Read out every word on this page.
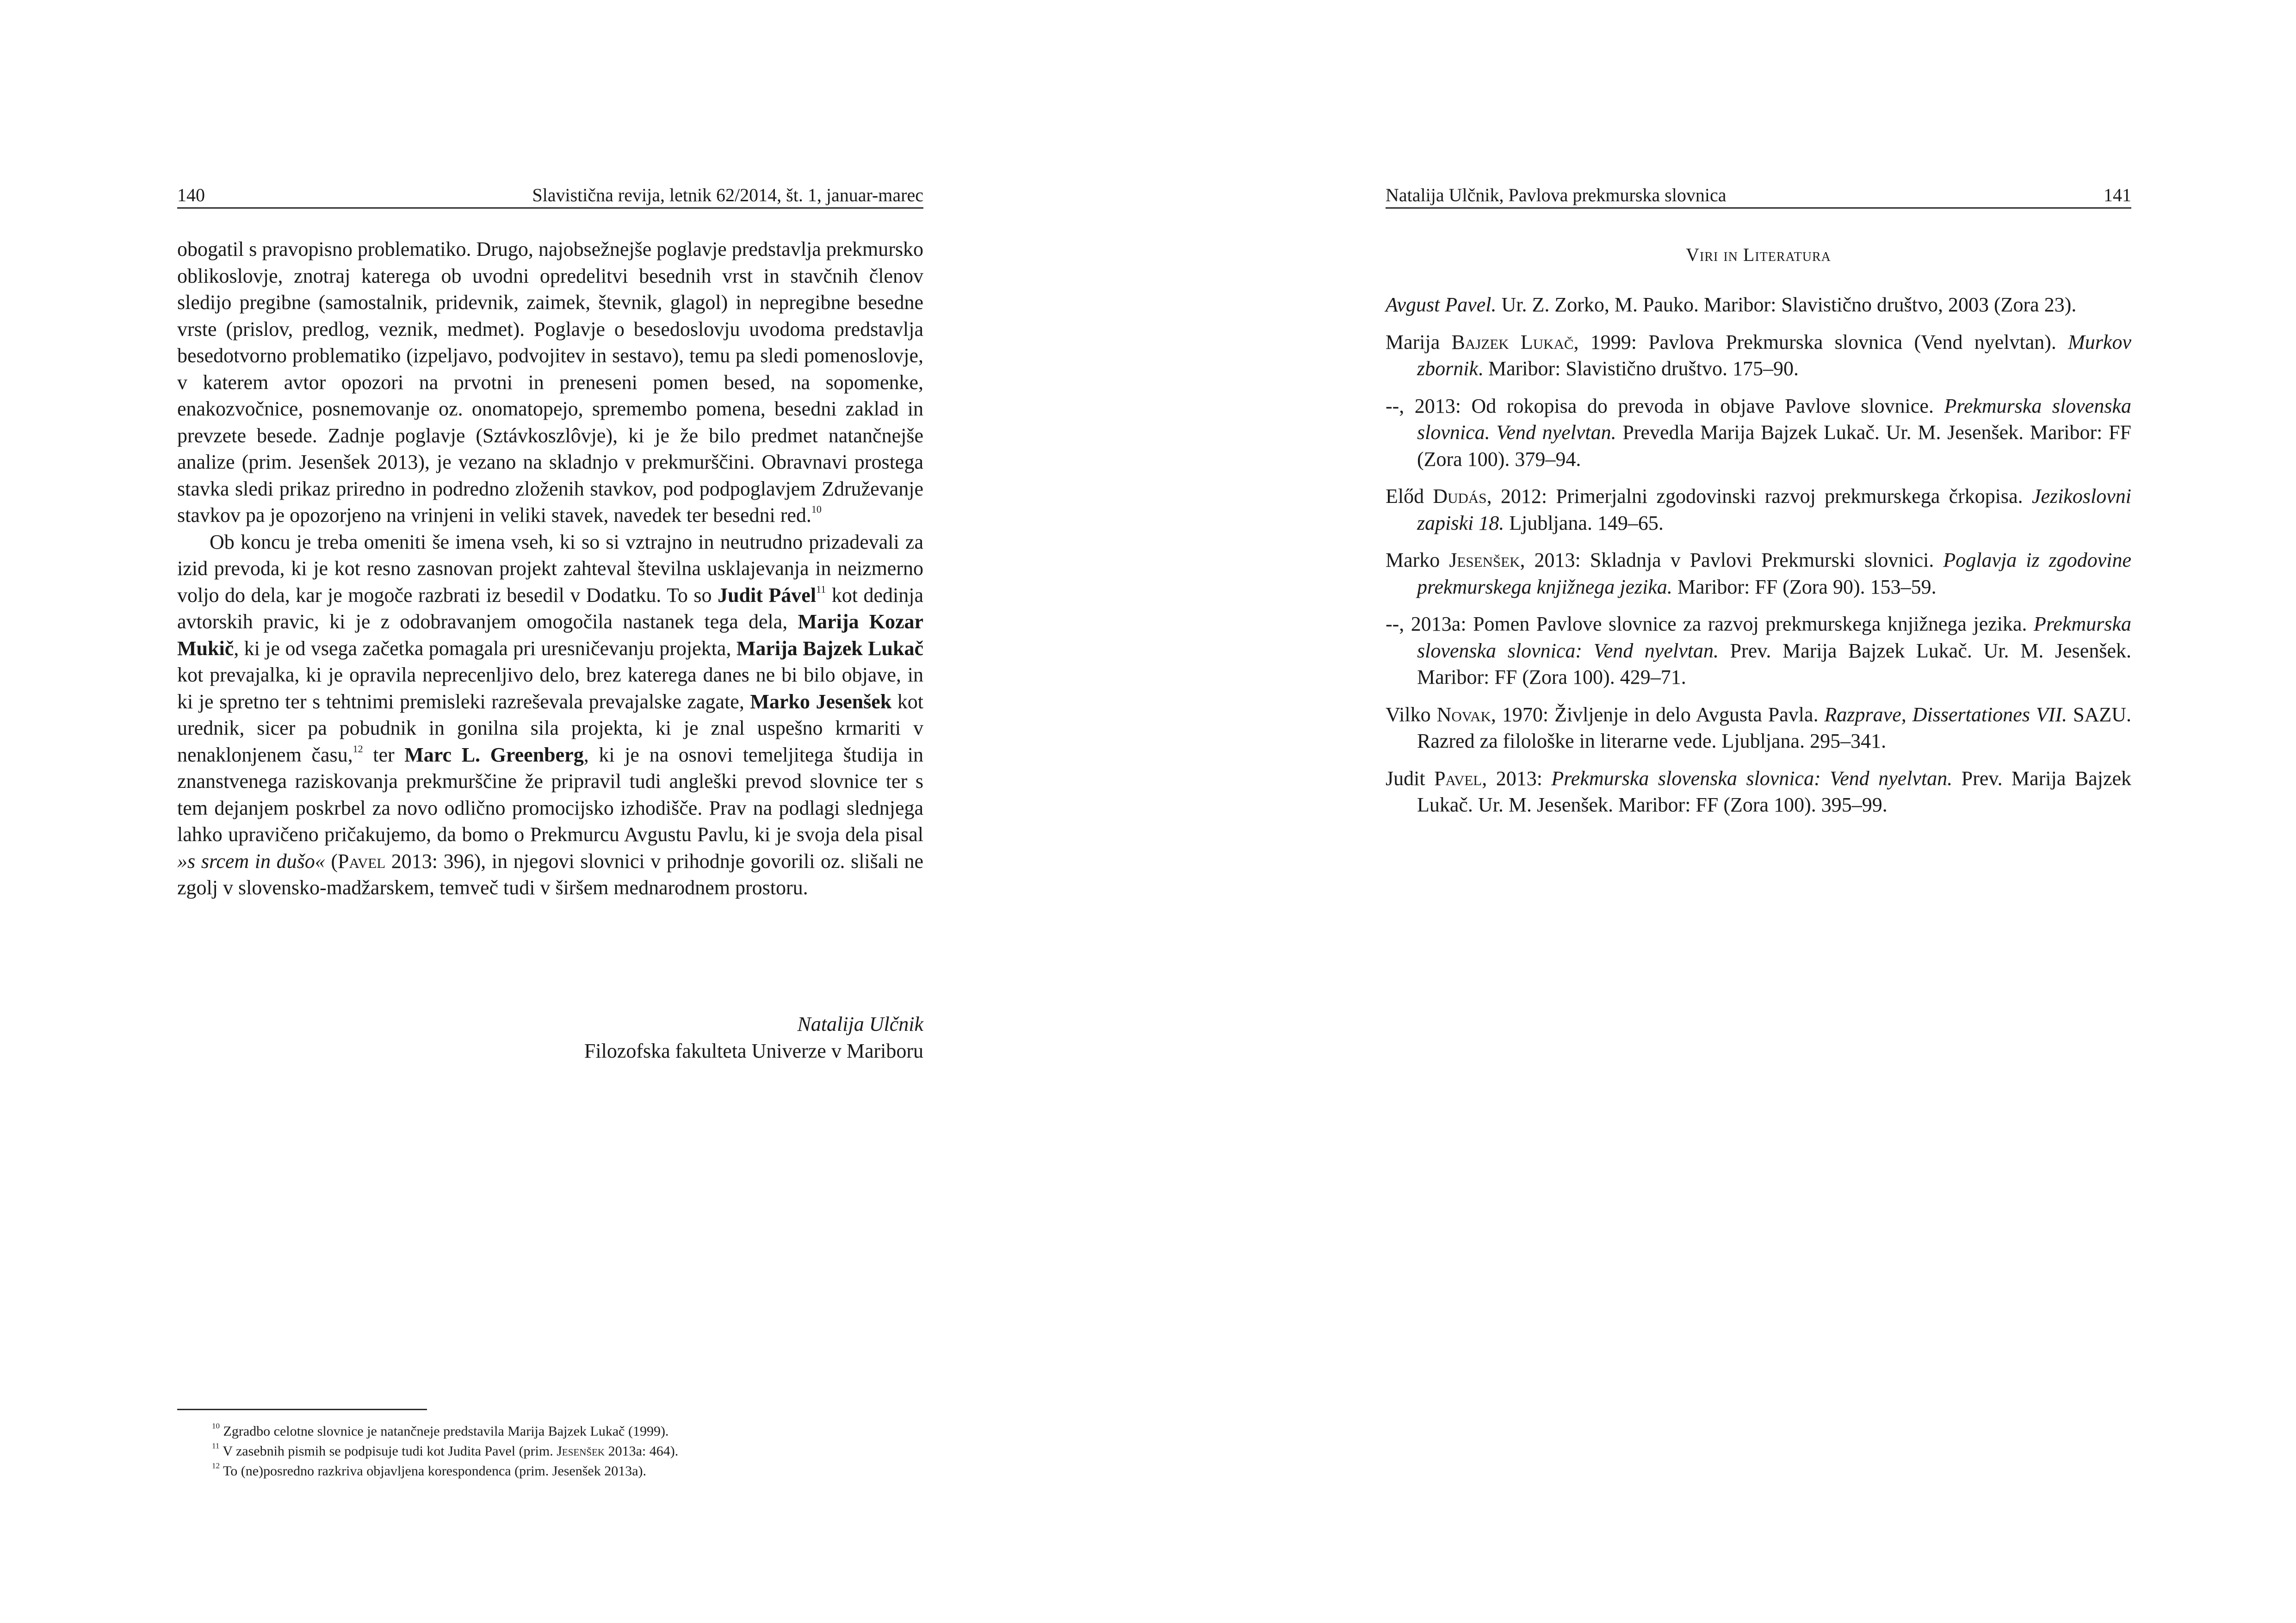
140	Slavistična revija, letnik 62/2014, št. 1, januar-marec

obogatil s pravopisno problematiko. Drugo, najobsežnejše poglavje predstavlja prekmursko oblikoslovje, znotraj katerega ob uvodni opredelitvi besednih vrst in stavčnih členov sledijo pregibne (samostalnik, pridevnik, zaimek, števnik, glagol) in nepregibne besedne vrste (prislov, predlog, veznik, medmet). Poglavje o besedoslovju uvodoma predstavlja besedotvorno problematiko (izpeljavo, podvojitev in sestavo), temu pa sledi pomenoslovje, v katerem avtor opozori na prvotni in preneseni pomen besed, na sopomenke, enakozvočnice, posnemovanje oz. onomatopejo, spremembo pomena, besedni zaklad in prevzete besede. Zadnje poglavje (Sztávkoszlôvje), ki je že bilo predmet natančnejše analize (prim. Jesenšek 2013), je vezano na skladnjo v prekmurščini. Obravnavi prostega stavka sledi prikaz priredno in podredno zloženih stavkov, pod podpoglavjem Združevanje stavkov pa je opozorjeno na vrinjeni in veliki stavek, navedek ter besedni red.$^{10}$

Ob koncu je treba omeniti še imena vseh, ki so si vztrajno in neutrudno prizadevali za izid prevoda, ki je kot resno zasnovan projekt zahteval številna usklajevanja in neizmerno voljo do dela, kar je mogoče razbrati iz besedil v Dodatku. To so Judit Pável$^{11}$ kot dedinja avtorskih pravic, ki je z odobravanjem omogočila nastanek tega dela, Marija Kozar Mukič, ki je od vsega začetka pomagala pri uresničevanju projekta, Marija Bajzek Lukač kot prevajalka, ki je opravila neprecenljivo delo, brez katerega danes ne bi bilo objave, in ki je spretno ter s tehtnimi premisleki razreševala prevajalske zagate, Marko Jesenšek kot urednik, sicer pa pobudnik in gonilna sila projekta, ki je znal uspešno krmariti v nenaklonjenem času,$^{12}$ ter Marc L. Greenberg, ki je na osnovi temeljitega študija in znanstvenega raziskovanja prekmurščine že pripravil tudi angleški prevod slovnice ter s tem dejanjem poskrbel za novo odlično promocijsko izhodišče. Prav na podlagi slednjega lahko upravičeno pričakujemo, da bomo o Prekmurcu Avgustu Pavlu, ki je svoja dela pisal »s srcem in dušo« (Pavel 2013: 396), in njegovi slovnici v prihodnje govorili oz. slišali ne zgolj v slovensko-madžarskem, temveč tudi v širšem mednarodnem prostoru.

Natalija Ulčnik
Filozofska fakulteta Univerze v Mariboru

$^{10}$ Zgradbo celotne slovnice je natančneje predstavila Marija Bajzek Lukač (1999).

$^{11}$ V zasebnih pismih se podpisuje tudi kot Judita Pavel (prim. Jesenšek 2013a: 464).

$^{12}$ To (ne)posredno razkriva objavljena korespondenca (prim. Jesenšek 2013a).

Natalija Ulčnik, Pavlova prekmurska slovnica	141
Viri in Literatura

Avgust Pavel. Ur. Z. Zorko, M. Pauko. Maribor: Slavistično društvo, 2003 (Zora 23).

Marija Bajzek Lukač, 1999: Pavlova Prekmurska slovnica (Vend nyelvtan). Murkov zbornik. Maribor: Slavistično društvo. 175–90.

--, 2013: Od rokopisa do prevoda in objave Pavlove slovnice. Prekmurska slovenska slovnica. Vend nyelvtan. Prevedla Marija Bajzek Lukač. Ur. M. Jesenšek. Maribor: FF (Zora 100). 379–94.

Előd Dudás, 2012: Primerjalni zgodovinski razvoj prekmurskega črkopisa. Jezikoslovni zapiski 18. Ljubljana. 149–65.

Marko Jesenšek, 2013: Skladnja v Pavlovi Prekmurski slovnici. Poglavja iz zgodovine prekmurskega knjižnega jezika. Maribor: FF (Zora 90). 153–59.

--, 2013a: Pomen Pavlove slovnice za razvoj prekmurskega knjižnega jezika. Prekmurska slovenska slovnica: Vend nyelvtan. Prev. Marija Bajzek Lukač. Ur. M. Jesenšek. Maribor: FF (Zora 100). 429–71.

Vilko Novak, 1970: Življenje in delo Avgusta Pavla. Razprave, Dissertationes VII. SAZU. Razred za filološke in literarne vede. Ljubljana. 295–341.

Judit Pavel, 2013: Prekmurska slovenska slovnica: Vend nyelvtan. Prev. Marija Bajzek Lukač. Ur. M. Jesenšek. Maribor: FF (Zora 100). 395–99.
